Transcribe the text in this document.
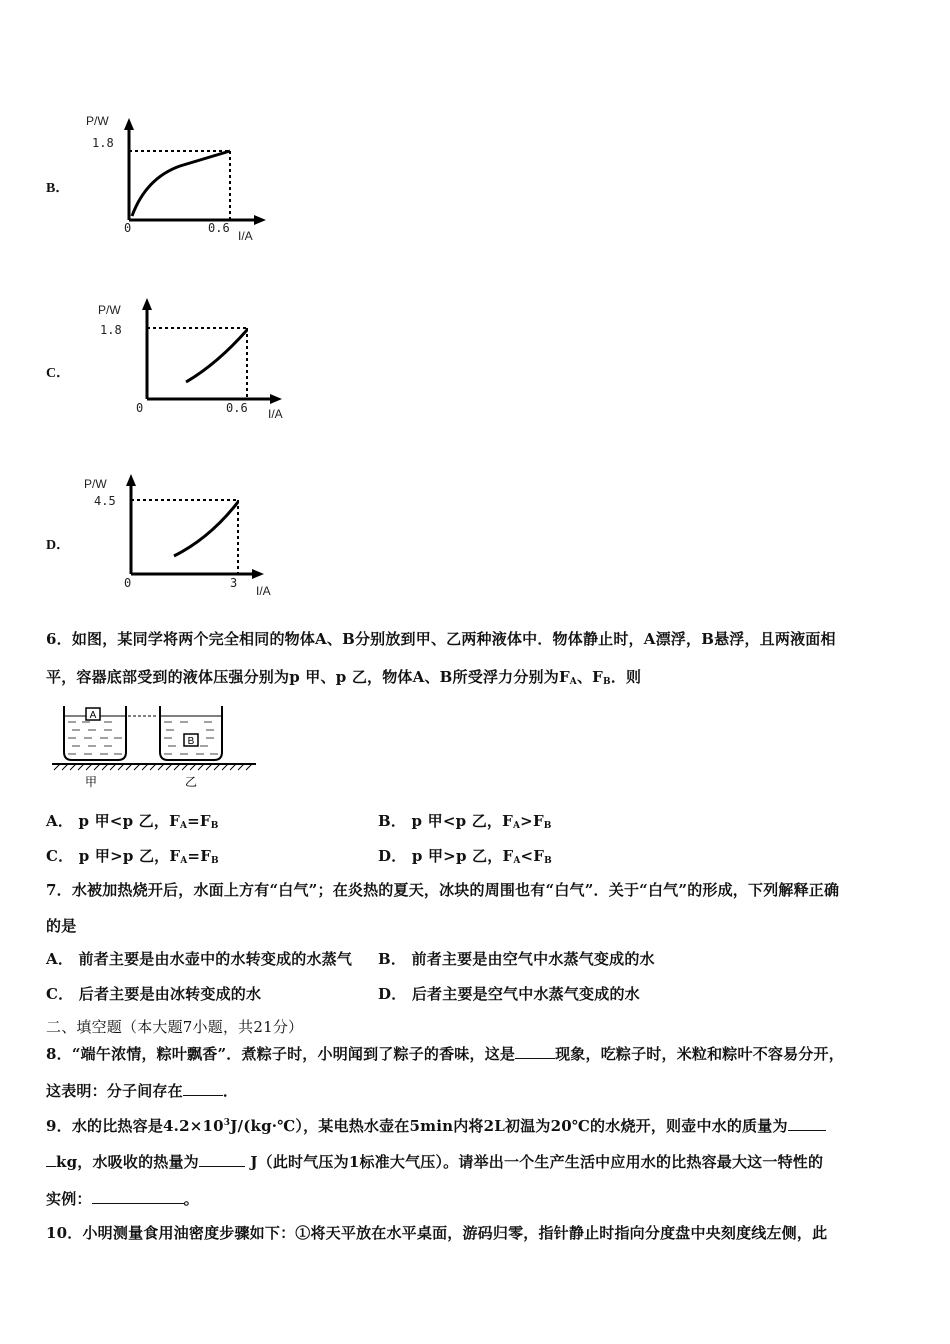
B．
P/W
1.8
0	0.6
I/A
C．
P/W
1.8
0	0.6 I/A
D．
P/W
4.5
0	3
I/A
6．如图，某同学将两个完全相同的物体A、B分别放到甲、乙两种液体中．物体静止时，A漂浮，B悬浮，且两液面相
平，容器底部受到的液体压强分别为p 甲、p 乙，物体A、B所受浮力分别为$F_A$、$F_B$．则
A
B
甲	乙
A． p 甲<p 乙，$F_A=F_B$	B． p 甲<p 乙，$F_A>F_B$
C． p 甲>p 乙，$F_A=F_B$	D． p 甲>p 乙，$F_A<F_B$
7．水被加热烧开后，水面上方有“白气”；在炎热的夏天，冰块的周围也有“白气”．关于“白气”的形成，下列解释正确
的是
A． 前者主要是由水壶中的水转变成的水蒸气 B． 前者主要是由空气中水蒸气变成的水
C． 后者主要是由冰转变成的水	D． 后者主要是空气中水蒸气变成的水
二、填空题（本大题7小题，共21分）
8．“端午浓情，粽叶飘香”．煮粽子时，小明闻到了粽子的香味，这是	现象，吃粽子时，米粒和粽叶不容易分开，
这表明：分子间存在	．
9．水的比热容是$4.2\times 10^3J/(kg\cdot℃)$，某电热水壶在5min内将2L初温为20℃的水烧开，则壶中水的质量为
kg，水吸收的热量为	J（此时气压为1标准大气压）。请举出一个生产生活中应用水的比热容最大这一特性的
实例：	。
10．小明测量食用油密度步骤如下：①将天平放在水平桌面，游码归零，指针静止时指向分度盘中央刻度线左侧，此
